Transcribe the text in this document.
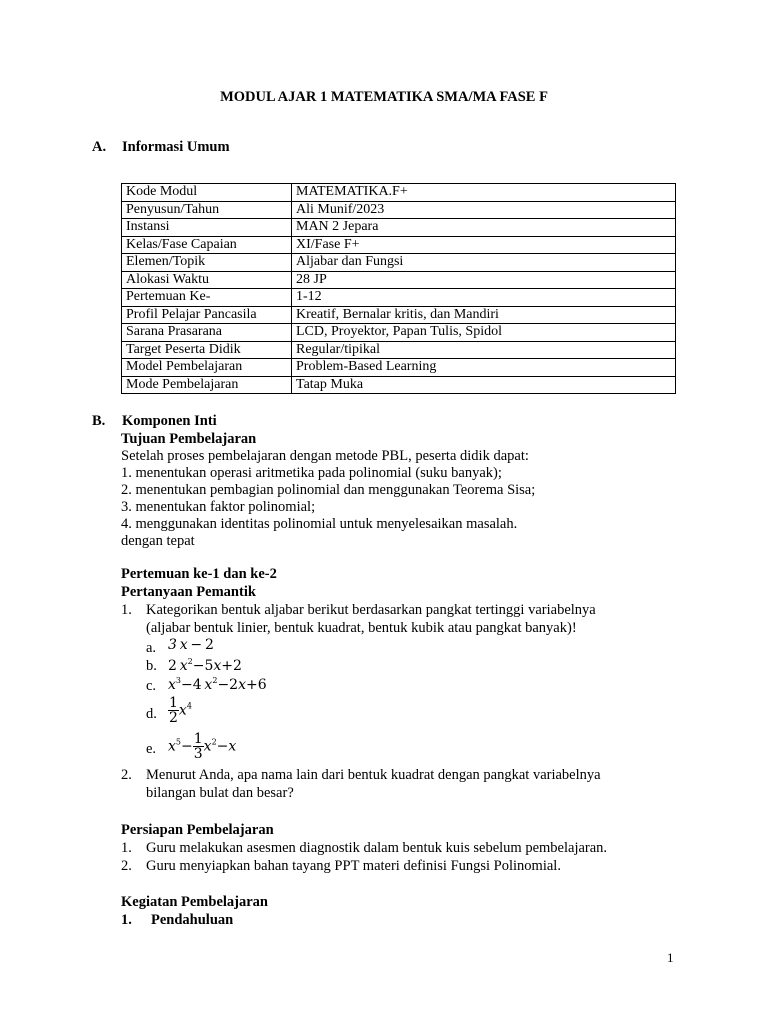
MODUL AJAR 1 MATEMATIKA SMA/MA FASE F
A. Informasi Umum
Kode Modul	MATEMATIKA.F+
Penyusun/Tahun	Ali Munif/2023
Instansi	MAN 2 Jepara
Kelas/Fase Capaian	XI/Fase F+
Elemen/Topik	Aljabar dan Fungsi
Alokasi Waktu	28 JP
Pertemuan Ke-	1-12
Profil Pelajar Pancasila	Kreatif, Bernalar kritis, dan Mandiri
Sarana Prasarana	LCD, Proyektor, Papan Tulis, Spidol
Target Peserta Didik	Regular/tipikal
Model Pembelajaran	Problem-Based Learning
Mode Pembelajaran	Tatap Muka
B. Komponen Inti
Tujuan Pembelajaran
Setelah proses pembelajaran dengan metode PBL, peserta didik dapat:
1. menentukan operasi aritmetika pada polinomial (suku banyak);
2. menentukan pembagian polinomial dan menggunakan Teorema Sisa;
3. menentukan faktor polinomial;
4. menggunakan identitas polinomial untuk menyelesaikan masalah.
dengan tepat
Pertemuan ke-1 dan ke-2
Pertanyaan Pemantik
1. Kategorikan bentuk aljabar berikut berdasarkan pangkat tertinggi variabelnya
(aljabar bentuk linier, bentuk kuadrat, bentuk kubik atau pangkat banyak)!
a. 3  x − 2
b. 2 $x^2-5x+2$
c. $x^3-4$ $x^2-2x+6$
d. $\frac{1}{2} x^4$
e. $x^5- \frac{1}{3} x^2-x$
2. Menurut Anda, apa nama lain dari bentuk kuadrat dengan pangkat variabelnya
bilangan bulat dan besar?
Persiapan Pembelajaran
1. Guru melakukan asesmen diagnostik dalam bentuk kuis sebelum pembelajaran.
2. Guru menyiapkan bahan tayang PPT materi definisi Fungsi Polinomial.
Kegiatan Pembelajaran
1. Pendahuluan
1
